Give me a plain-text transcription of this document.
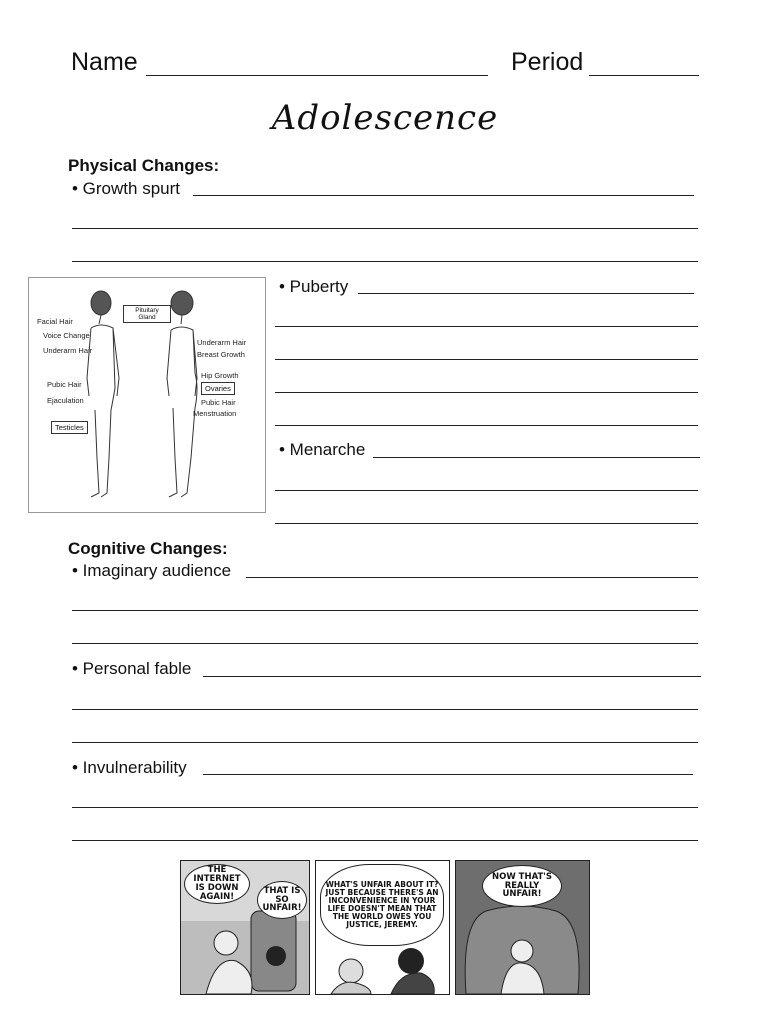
Name	Period
Adolescence
Physical Changes:
• Growth spurt
Pituitary Gland
Facial Hair
Voice Change
Underarm Hair
Pubic Hair
Ejaculation
Testicles
Underarm Hair
Breast Growth
Hip Growth
Ovaries
Pubic Hair
Menstruation
• Puberty
• Menarche
Cognitive Changes:
• Imaginary audience
• Personal fable
• Invulnerability
THE INTERNET IS DOWN AGAIN!
THAT IS SO UNFAIR!
WHAT'S UNFAIR ABOUT IT? JUST BECAUSE THERE'S AN INCONVENIENCE IN YOUR LIFE DOESN'T MEAN THAT THE WORLD OWES YOU JUSTICE, JEREMY.
NOW THAT'S REALLY UNFAIR!
